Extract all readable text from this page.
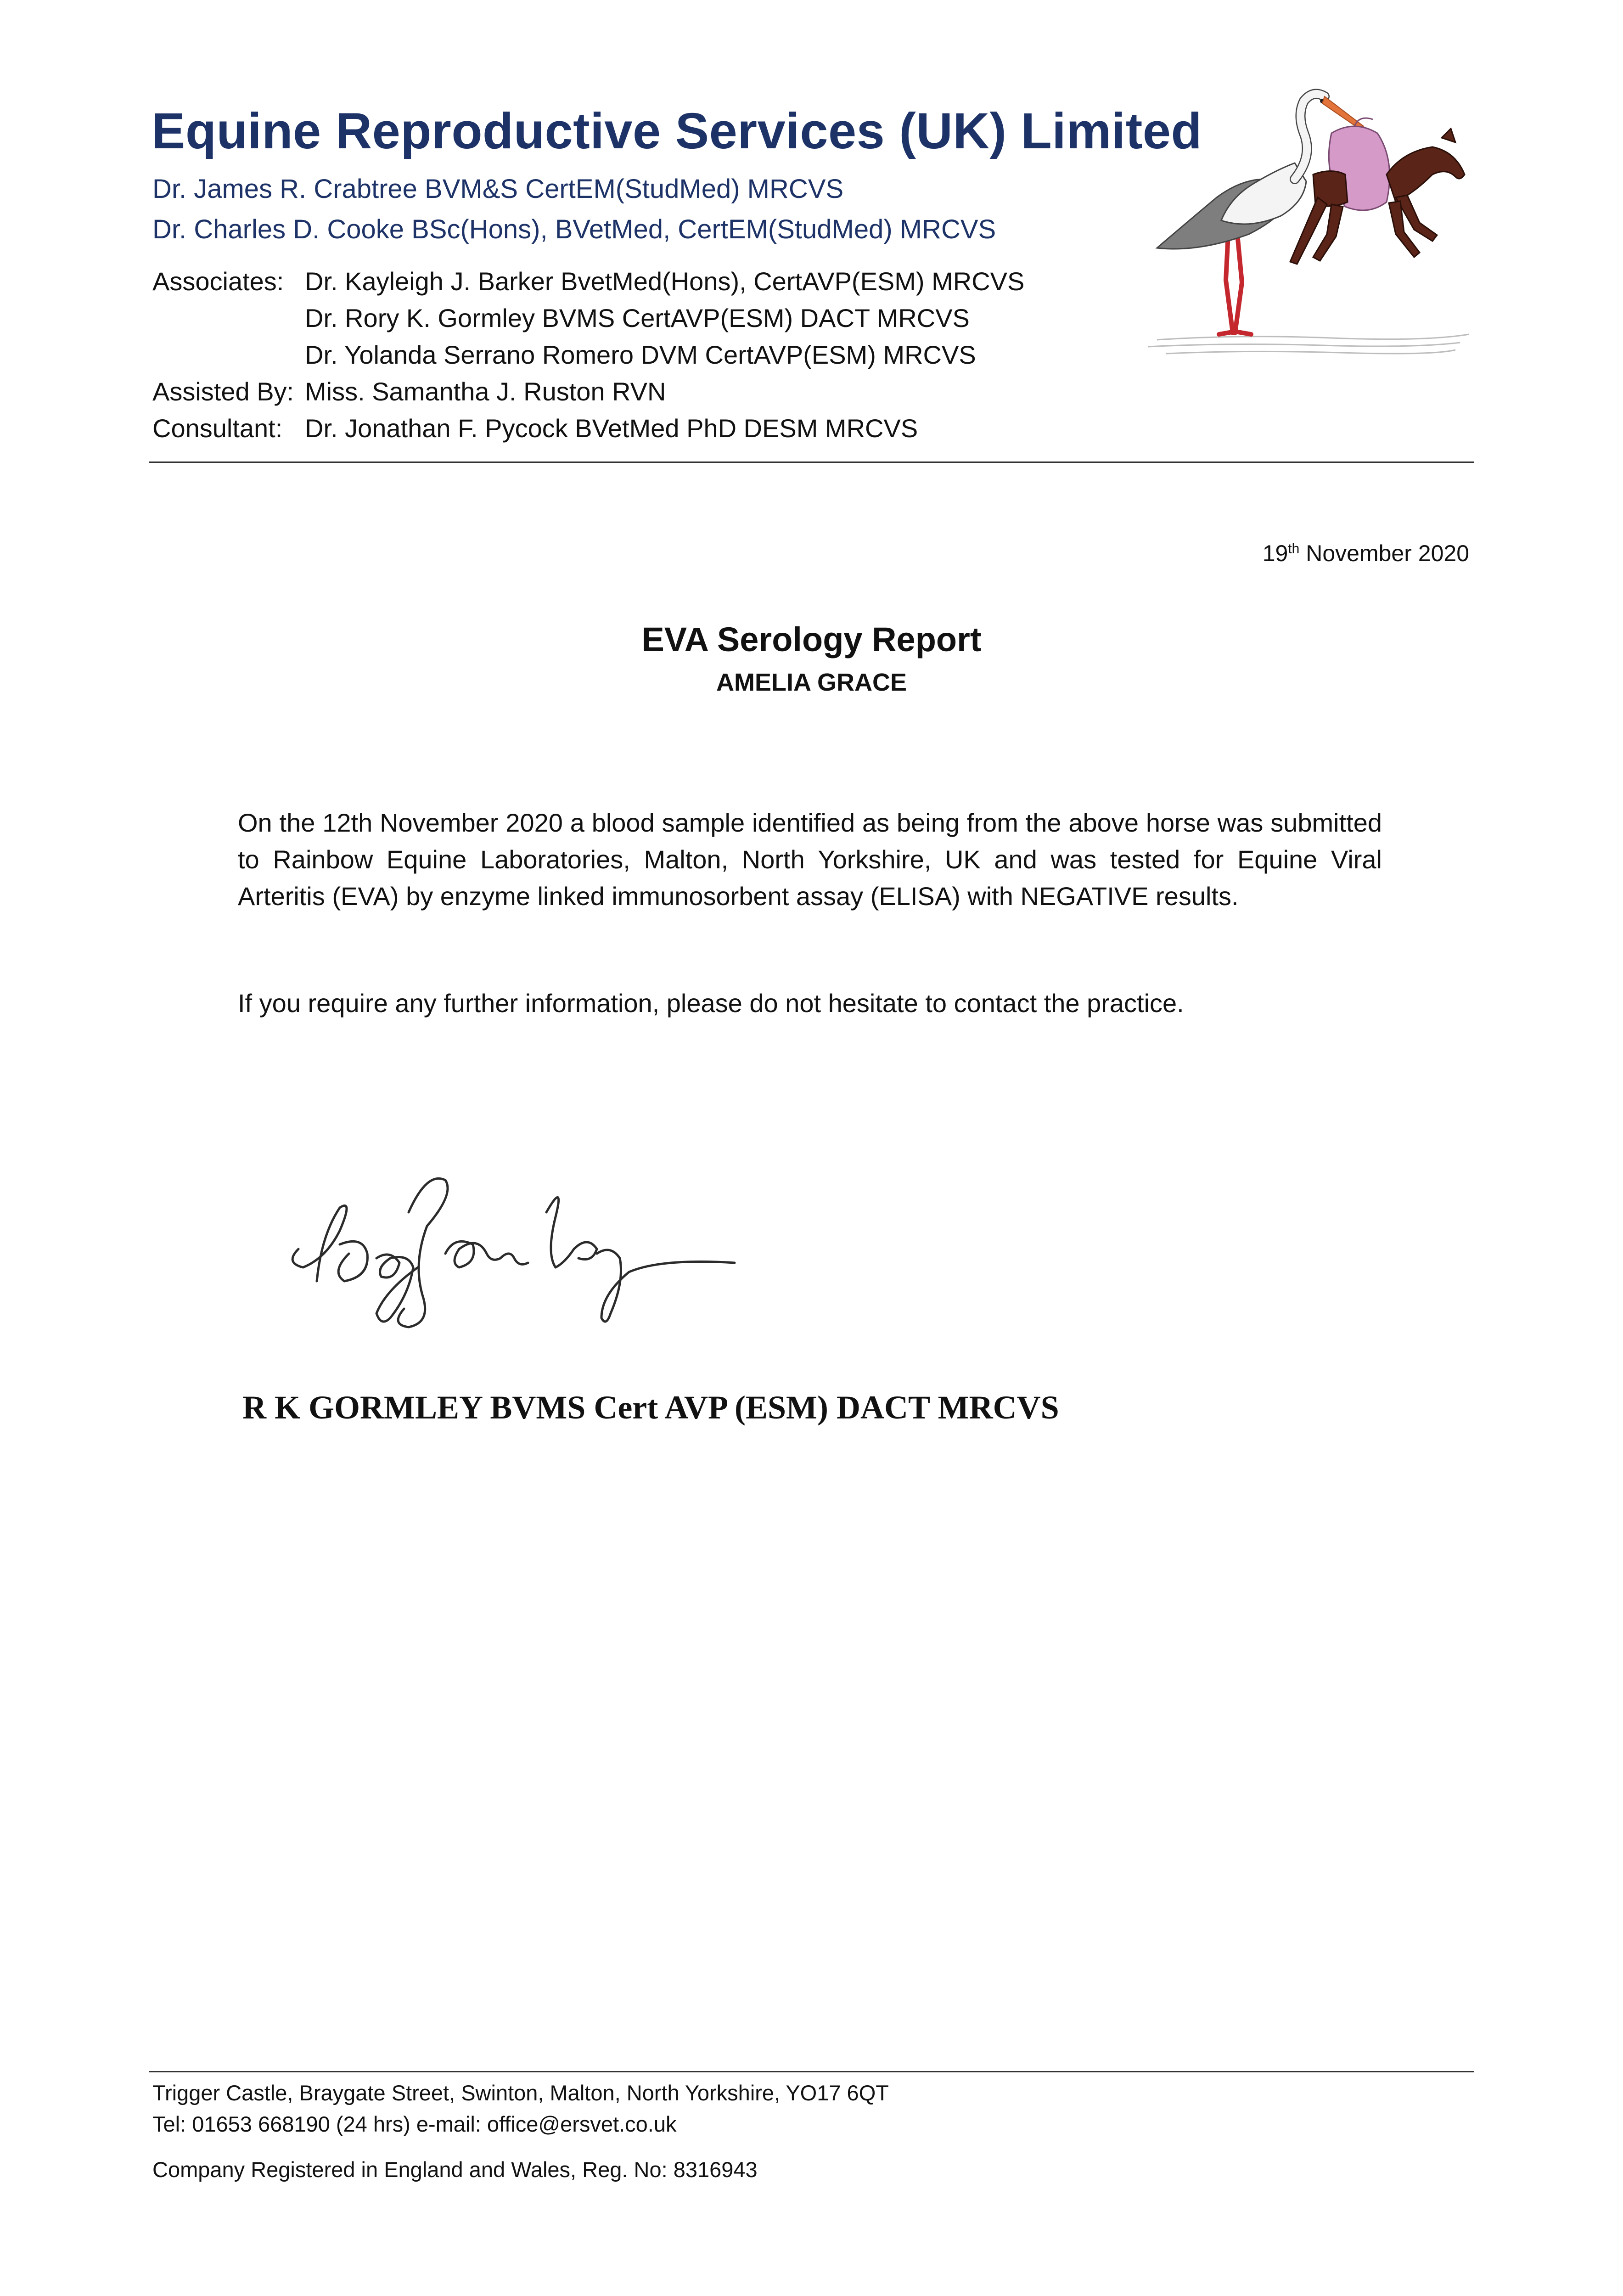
Equine Reproductive Services (UK) Limited
Dr. James R. Crabtree BVM&S CertEM(StudMed) MRCVS
Dr. Charles D. Cooke BSc(Hons), BVetMed, CertEM(StudMed) MRCVS
Associates: Dr. Kayleigh J. Barker BvetMed(Hons), CertAVP(ESM) MRCVS
Dr. Rory K. Gormley BVMS CertAVP(ESM) DACT MRCVS
Dr. Yolanda Serrano Romero DVM CertAVP(ESM) MRCVS
Assisted By: Miss. Samantha J. Ruston RVN
Consultant: Dr. Jonathan F. Pycock BVetMed PhD DESM MRCVS
19th November 2020
EVA Serology Report
AMELIA GRACE

On the 12th November 2020 a blood sample identified as being from the above horse was submitted to Rainbow Equine Laboratories, Malton, North Yorkshire, UK and was tested for Equine Viral Arteritis (EVA) by enzyme linked immunosorbent assay (ELISA) with NEGATIVE results.

If you require any further information, please do not hesitate to contact the practice.
R K GORMLEY BVMS Cert AVP (ESM) DACT MRCVS
Trigger Castle, Braygate Street, Swinton, Malton, North Yorkshire, YO17 6QT
Tel: 01653 668190 (24 hrs) e-mail: office@ersvet.co.uk
Company Registered in England and Wales, Reg. No: 8316943
